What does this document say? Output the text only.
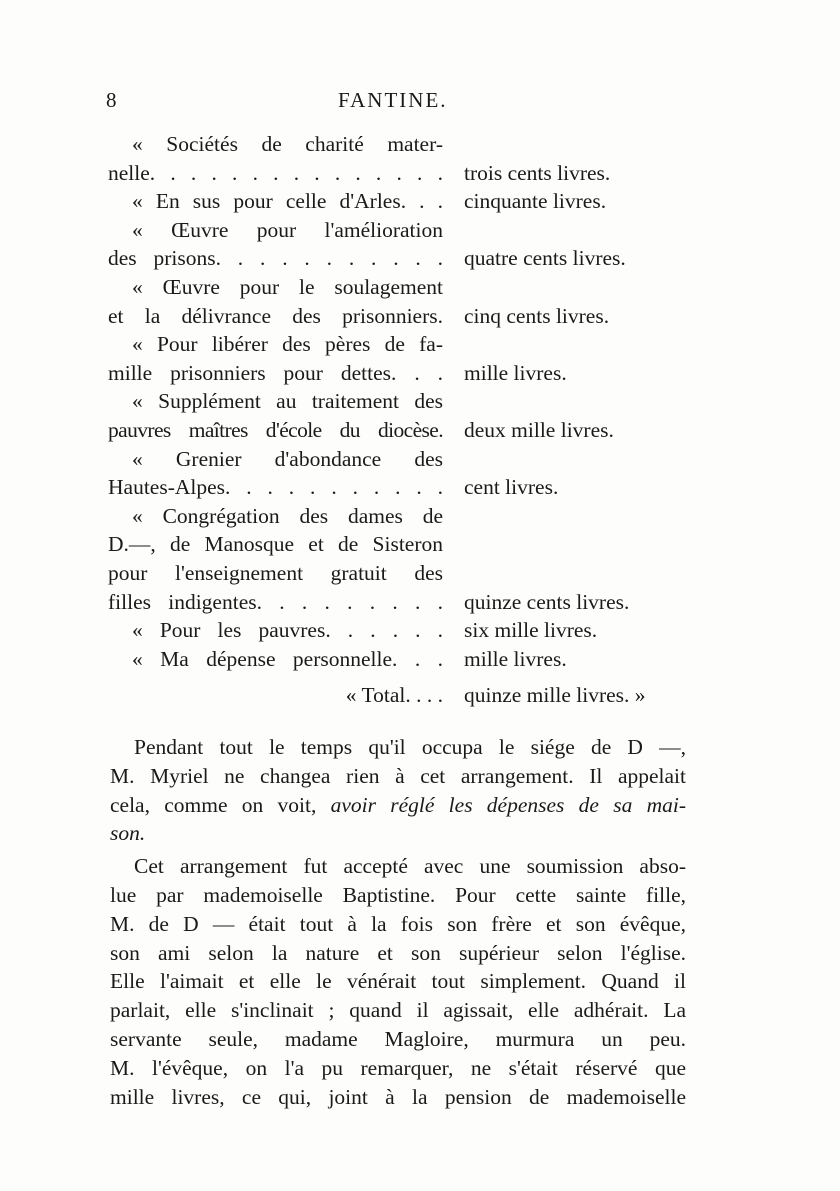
8	FANTINE.
« Sociétés de charité mater-
nelle. . . . . . . . . . . . . . . trois cents livres.
« En sus pour celle d'Arles. . . cinquante livres.
« Œuvre pour l'amélioration
des prisons. . . . . . . . . . . quatre cents livres.
« Œuvre pour le soulagement
et la délivrance des prisonniers. cinq cents livres.
« Pour libérer des pères de fa-
mille prisonniers pour dettes. . . mille livres.
« Supplément au traitement des
pauvres maîtres d'école du diocèse. deux mille livres.
« Grenier d'abondance des
Hautes-Alpes. . . . . . . . . . . cent livres.
« Congrégation des dames de
D.—, de Manosque et de Sisteron
pour l'enseignement gratuit des
filles indigentes. . . . . . . . . quinze cents livres.
« Pour les pauvres. . . . . . six mille livres.
« Ma dépense personnelle. . . mille livres.
« Total. . . . quinze mille livres. »
Pendant tout le temps qu'il occupa le siége de D —,
M. Myriel ne changea rien à cet arrangement. Il appelait
cela, comme on voit, avoir réglé les dépenses de sa mai-
son.
Cet arrangement fut accepté avec une soumission abso-
lue par mademoiselle Baptistine. Pour cette sainte fille,
M. de D — était tout à la fois son frère et son évêque,
son ami selon la nature et son supérieur selon l'église.
Elle l'aimait et elle le vénérait tout simplement. Quand il
parlait, elle s'inclinait ; quand il agissait, elle adhérait. La
servante seule, madame Magloire, murmura un peu.
M. l'évêque, on l'a pu remarquer, ne s'était réservé que
mille livres, ce qui, joint à la pension de mademoiselle
